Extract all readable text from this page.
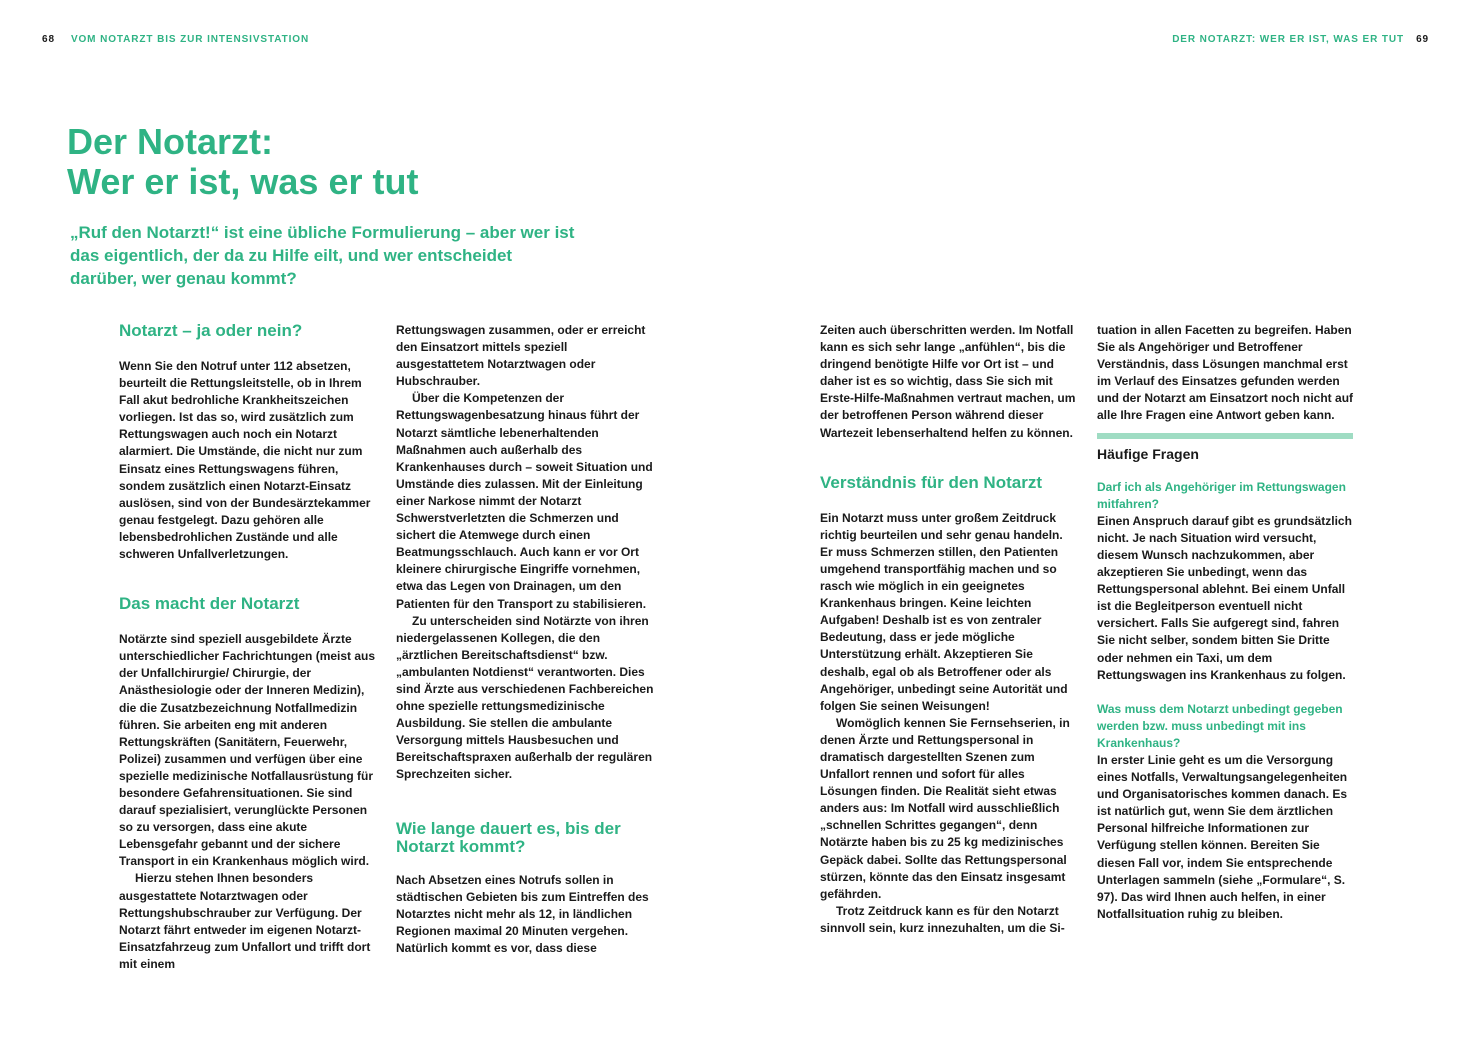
68 VOM NOTARZT BIS ZUR INTENSIVSTATION
Der Notarzt:
Wer er ist, was er tut

„Ruf den Notarzt!“ ist eine übliche Formulierung – aber wer ist das eigentlich, der da zu Hilfe eilt, und wer entscheidet darüber, wer genau kommt?

Notarzt – ja oder nein?

Wenn Sie den Notruf unter 112 absetzen, beurteilt die Rettungsleitstelle, ob in Ihrem Fall akut bedrohliche Krankheitszeichen vorliegen. Ist das so, wird zusätzlich zum Rettungswagen auch noch ein Notarzt alarmiert. Die Umstände, die nicht nur zum Einsatz eines Rettungswagens führen, sondem zusätzlich einen Notarzt-Einsatz auslösen, sind von der Bundesärztekammer genau festgelegt. Dazu gehören alle lebensbedrohlichen Zustände und alle schweren Unfallverletzungen.

Das macht der Notarzt

Notärzte sind speziell ausgebildete Ärzte unterschiedlicher Fachrichtungen (meist aus der Unfallchirurgie/ Chirurgie, der Anästhesiologie oder der Inneren Medizin), die die Zusatzbezeichnung Notfallmedizin führen. Sie arbeiten eng mit anderen Rettungskräften (Sanitätern, Feuerwehr, Polizei) zusammen und verfügen über eine spezielle medizinische Notfallausrüstung für besondere Gefahrensituationen. Sie sind darauf spezialisiert, verunglückte Personen so zu versorgen, dass eine akute Lebensgefahr gebannt und der sichere Transport in ein Krankenhaus möglich wird.

Hierzu stehen Ihnen besonders ausgestattete Notarztwagen oder Rettungshubschrauber zur Verfügung. Der Notarzt fährt entweder im eigenen Notarzt-Einsatzfahrzeug zum Unfallort und trifft dort mit einem

Rettungswagen zusammen, oder er erreicht den Einsatzort mittels speziell ausgestattetem Notarztwagen oder Hubschrauber.

Über die Kompetenzen der Rettungswagenbesatzung hinaus führt der Notarzt sämtliche lebenerhaltenden Maßnahmen auch außerhalb des Krankenhauses durch – soweit Situation und Umstände dies zulassen. Mit der Einleitung einer Narkose nimmt der Notarzt Schwerstverletzten die Schmerzen und sichert die Atemwege durch einen Beatmungsschlauch. Auch kann er vor Ort kleinere chirurgische Eingriffe vornehmen, etwa das Legen von Drainagen, um den Patienten für den Transport zu stabilisieren.

Zu unterscheiden sind Notärzte von ihren niedergelassenen Kollegen, die den „ärztlichen Bereitschaftsdienst“ bzw. „ambulanten Notdienst“ verantworten. Dies sind Ärzte aus verschiedenen Fachbereichen ohne spezielle rettungsmedizinische Ausbildung. Sie stellen die ambulante Versorgung mittels Hausbesuchen und Bereitschaftspraxen außerhalb der regulären Sprechzeiten sicher.

Wie lange dauert es, bis der Notarzt kommt?

Nach Absetzen eines Notrufs sollen in städtischen Gebieten bis zum Eintreffen des Notarztes nicht mehr als 12, in ländlichen Regionen maximal 20 Minuten vergehen. Natürlich kommt es vor, dass diese

DER NOTARZT: WER ER IST, WAS ER TUT 69

Zeiten auch überschritten werden. Im Notfall kann es sich sehr lange „anfühlen“, bis die dringend benötigte Hilfe vor Ort ist – und daher ist es so wichtig, dass Sie sich mit Erste-Hilfe-Maßnahmen vertraut machen, um der betroffenen Person während dieser Wartezeit lebenserhaltend helfen zu können.

Verständnis für den Notarzt

Ein Notarzt muss unter großem Zeitdruck richtig beurteilen und sehr genau handeln. Er muss Schmerzen stillen, den Patienten umgehend transportfähig machen und so rasch wie möglich in ein geeignetes Krankenhaus bringen. Keine leichten Aufgaben! Deshalb ist es von zentraler Bedeutung, dass er jede mögliche Unterstützung erhält. Akzeptieren Sie deshalb, egal ob als Betroffener oder als Angehöriger, unbedingt seine Autorität und folgen Sie seinen Weisungen!

Womöglich kennen Sie Fernsehserien, in denen Ärzte und Rettungspersonal in dramatisch dargestellten Szenen zum Unfallort rennen und sofort für alles Lösungen finden. Die Realität sieht etwas anders aus: Im Notfall wird ausschließlich „schnellen Schrittes gegangen“, denn Notärzte haben bis zu 25 kg medizinisches Gepäck dabei. Sollte das Rettungspersonal stürzen, könnte das den Einsatz insgesamt gefährden.

Trotz Zeitdruck kann es für den Notarzt sinnvoll sein, kurz innezuhalten, um die Si-

tuation in allen Facetten zu begreifen. Haben Sie als Angehöriger und Betroffener Verständnis, dass Lösungen manchmal erst im Verlauf des Einsatzes gefunden werden und der Notarzt am Einsatzort noch nicht auf alle Ihre Fragen eine Antwort geben kann.

Häufige Fragen

Darf ich als Angehöriger im Rettungswagen mitfahren?

Einen Anspruch darauf gibt es grundsätzlich nicht. Je nach Situation wird versucht, diesem Wunsch nachzukommen, aber akzeptieren Sie unbedingt, wenn das Rettungspersonal ablehnt. Bei einem Unfall ist die Begleitperson eventuell nicht versichert. Falls Sie aufgeregt sind, fahren Sie nicht selber, sondem bitten Sie Dritte oder nehmen ein Taxi, um dem Rettungswagen ins Krankenhaus zu folgen.

Was muss dem Notarzt unbedingt gegeben werden bzw. muss unbedingt mit ins Krankenhaus?

In erster Linie geht es um die Versorgung eines Notfalls, Verwaltungsangelegenheiten und Organisatorisches kommen danach. Es ist natürlich gut, wenn Sie dem ärztlichen Personal hilfreiche Informationen zur Verfügung stellen können. Bereiten Sie diesen Fall vor, indem Sie entsprechende Unterlagen sammeln (siehe „Formulare“, S. 97). Das wird Ihnen auch helfen, in einer Notfallsituation ruhig zu bleiben.
